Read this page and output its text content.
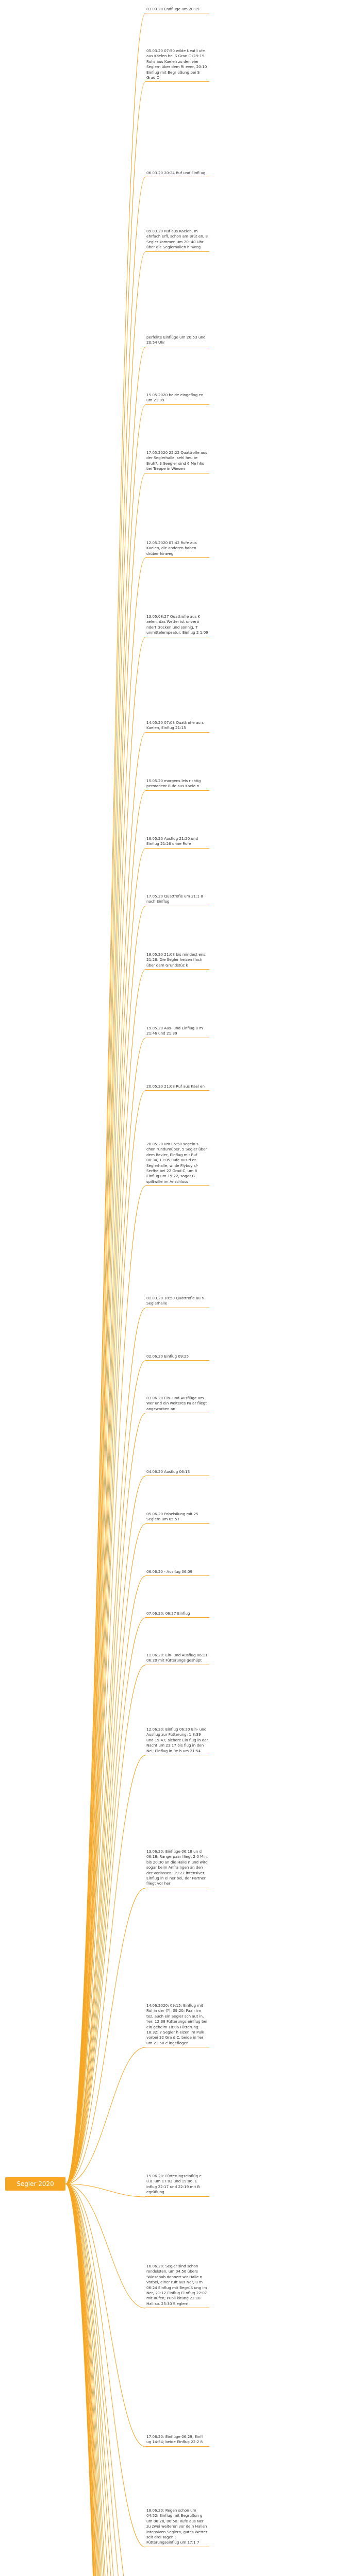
Segler 2020
03.03.20 Endfluge um 20:19
05.03.20 07:50 wilde Ueatli ufe aus Kaelen bei S Gran C (19:15 Ruhs aus Kaelen zu den vier Seglern über dem Ri ever, 20:10 Einflug mit Begr üßung bei S Grad C
06.03.20 20:24 Ruf und Einfl ug
09.03.20 Ruf aus Kaelen, m ehrfach erfl, schon am Brüt en, 8 Segler kommen um 20: 40 Uhr über die Seglerhallen hinweg
perfekte Einflüge um 20:53 und 20:54 Uhr
15.05.2020 beide eingeflog en um 21:09
17.05.2020 22:22 Quattrofle aus der Seglerhalle, sehl heu te Bruh?, 3 Seegler sind 6 Me hhs bei Treppe in Wiesen
12.05.2020 07:42 Rufe aus Kaelen, die anderen haben drüber hinweg
13.05.08:27 Quattrofle aus K aelen, das Wetter ist unverä ndert trocken und sonnig, T unmittelempeatur, Einflug 2 1.09
14.05.20 07:08 Quattrofle au s Kaelen, Einflug 21:15
15.05.20 morgens leis richtig permanent Rufe aus Kaele n
16.05.20 Ausflug 21:20 und Einflug 21:26 ohne Rufe
17.05.20 Quattrofle um 21:1 8 nach Einflug
18.05.20 21:08 bis mindest ens. 21:26: Die Segler heizen flach über dem Grundstüc k
19.05.20 Aus- und Einflug u m 21:46 und 21:39
20.05.20 21:08 Ruf aus Kael en
20.05.20 um 05:50 segeln s chon rundumüber, 5 Segler über dem Revier, Einflug mit Ruf 08:34, 11:05 Rufe aus d er Seglerhalle, wilde Flyboy s/-Serfhe bei 22 Grad C, um 8 Einflug um 19:22, sogar G spiltwille im Anschluss
01.03.20 18:50 Quattrofle au s Seglerhalle
02.06.20 Einflug 09:25
03.06.20 Ein- und Ausflüge am Wer und ein weiteres Pa ar fliegt angeworben an
04.06.20 Ausflug 06:13
05.06.20 Pobelsilung mit 25 Seglern um 05:57
06.06.20 - Ausflug 06:09
07.06.20: 06:27 Einflug
11.06.20: Ein- und Ausflug 06:11 06:20 mit Fütterungs geshüpt
12.06.20: Einflug 06:20 Ein- und Ausflug zur Fütterung: 1 8:39 und 19:47; sichere Ein flug in der Nacht um 21:17 bis flug in den Nei; Einflug in Re h um 21:54
13.06.20: Einflüge 06:18 un d 06:18; Rangerpaar fliegt 2 0 Min. bis 20:30 an die Halle n und wird sogar beim Anfra ngen an den der verlassen; 19:27 intensiver Einflug in ei ner bei, der Partner fliegt vor her
14.06.2020: 09:15: Einflug mit Ruf in der (?), 09:20: Paa r im tez, auch ein Segler sch aut in, 'ier; 12:38 Fütterungs einflug bei ein geheim 18:06 Fütterung: 18:32: 7 Segler h eizen im Pulk vorbei 32 Gra d C, beide in 'ier um 21:50 e ingeflogen
15.06.20: Fütterungseinflüg e u.a. um 17:02 und 19:06, E influg 22:17 und 22:19 mit B egrüßung
16.06.20: Segler sind schon rondelsten, um 04:56 übers 'Wiesepub donnert wir Halle n vorbei, einer ruft aus Ner, u m 06:24 Einflug mit Begrüß ung im Ner, 21:12 Einflug Ei nflug 22:07 mit Rufen; Publi kitung 22:18 Hall so. 25:30 S eglern
17.06.20: Einflüge 06:29, Einfl ug 14:54; beide Einflug 22:2 8
18.06.20: Regen schon um 04:52; Einflug mit Begrüßun g um 06:28, 06:50: Rufe aus Ner zu zwei weiteren vor de n Hallen intensiven Seglern, gutes Wetter seit drei Tagen ; Fütterungseinflug um 17:1 7
